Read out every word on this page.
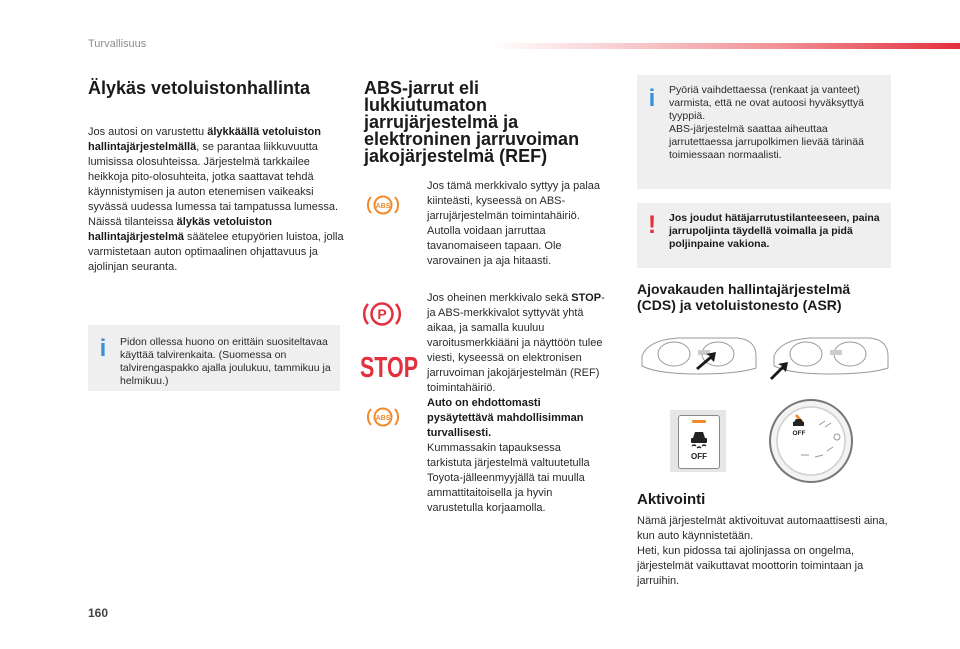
Turvallisuus
Älykäs vetoluistonhallinta
Jos autosi on varustettu älykkäällä vetoluiston hallintajärjestelmällä, se parantaa liikkuvuutta lumisissa olosuhteissa. Järjestelmä tarkkailee heikkoja pito-olosuhteita, jotka saattavat tehdä käynnistymisen ja auton etenemisen vaikeaksi syvässä uudessa lumessa tai tampatussa lumessa.
Näissä tilanteissa älykäs vetoluiston hallintajärjestelmä säätelee etupyörien luistoa, jolla varmistetaan auton optimaalinen ohjattavuus ja ajolinjan seuranta.
i Pidon ollessa huono on erittäin suositeltavaa käyttää talvirenkaita. (Suomessa on talvirengaspakko ajalla joulukuu, tammikuu ja helmikuu.)
ABS-jarrut eli
lukkiutumaton
jarrujärjestelmä ja
elektroninen jarruvoiman
jakojärjestelmä (REF)
ABS
Jos tämä merkkivalo syttyy ja palaa kiinteästi, kyseessä on ABS-jarrujärjestelmän toimintahäiriö. Autolla voidaan jarruttaa tavanomaiseen tapaan. Ole varovainen ja aja hitaasti.
P
STOP
ABS
Jos oheinen merkkivalo sekä STOP- ja ABS-merkkivalot syttyvät yhtä aikaa, ja samalla kuuluu varoitusmerkkiääni ja näyttöön tulee viesti, kyseessä on elektronisen jarruvoiman jakojärjestelmän (REF) toimintahäiriö.
Auto on ehdottomasti pysäytettävä mahdollisimman turvallisesti.
Kummassakin tapauksessa tarkistuta järjestelmä valtuutetulla Toyota-jälleenmyyjällä tai muulla ammattitaitoisella ja hyvin varustetulla korjaamolla.
i Pyöriä vaihdettaessa (renkaat ja vanteet) varmista, että ne ovat autoosi hyväksyttyä tyyppiä.
ABS-järjestelmä saattaa aiheuttaa jarrutettaessa jarrupolkimen lievää tärinää toimiessaan normaalisti.
! Jos joudut hätäjarrutustilanteeseen, paina jarrupoljinta täydellä voimalla ja pidä poljinpaine vakiona.
Ajovakauden hallintajärjestelmä
(CDS) ja vetoluistonesto (ASR)
OFF
OFF
Aktivointi
Nämä järjestelmät aktivoituvat automaattisesti aina, kun auto käynnistetään.
Heti, kun pidossa tai ajolinjassa on ongelma, järjestelmät vaikuttavat moottorin toimintaan ja jarruihin.
160
